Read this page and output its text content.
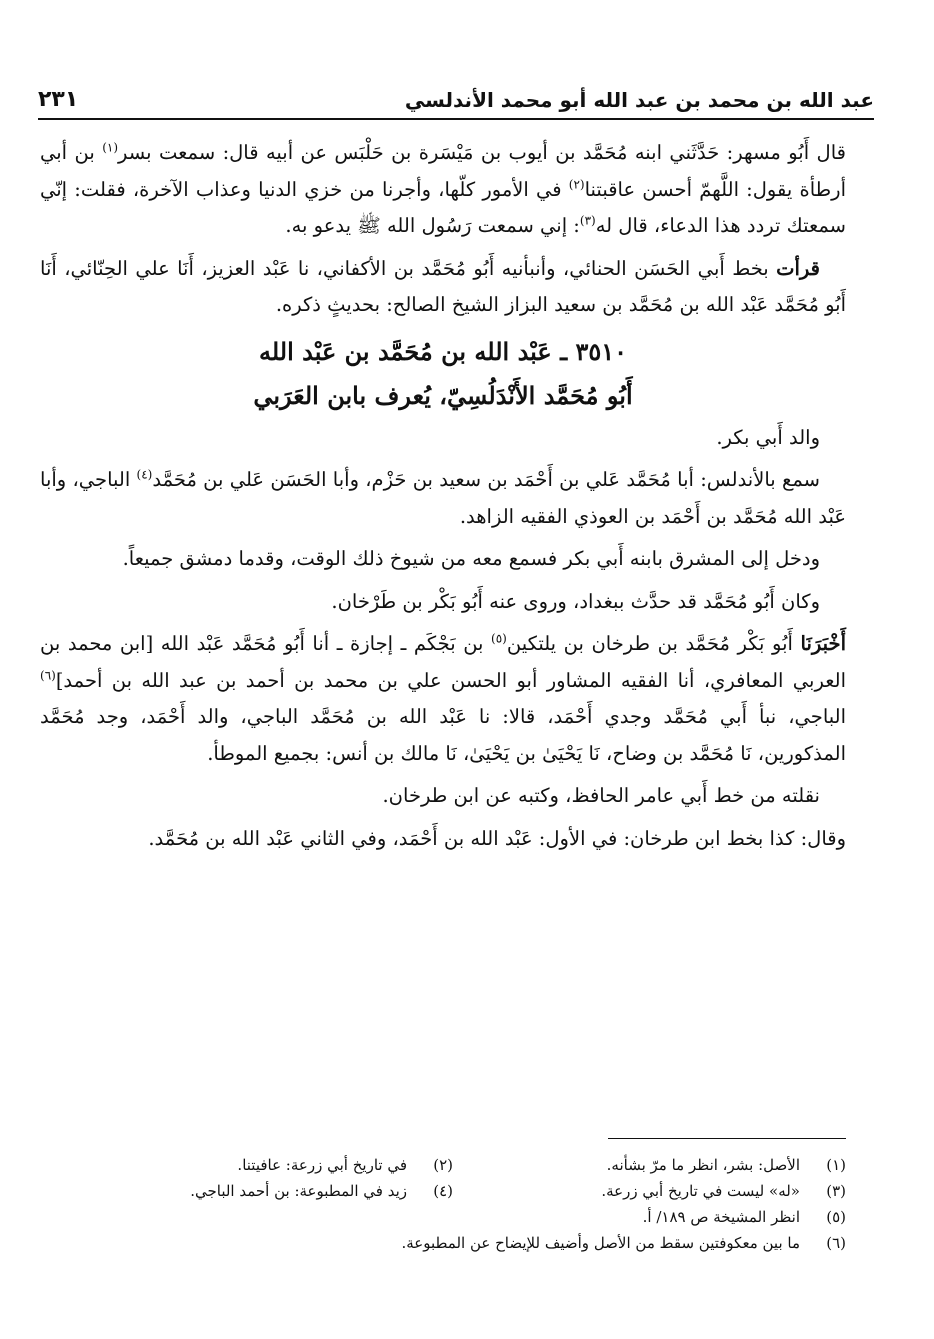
عبد الله بن محمد بن عبد الله أبو محمد الأندلسي
٢٣١

قال أَبُو مسهر: حَدَّثَني ابنه مُحَمَّد بن أيوب بن مَيْسَرة بن حَلْبَس عن أبيه قال: سمعت بسر$^{(١)}$ بن أبي أرطأة يقول: اللَّهمّ أحسن عاقبتنا$^{(٢)}$ في الأمور كلّها، وأجرنا من خزي الدنيا وعذاب الآخرة، فقلت: إنّي سمعتك تردد هذا الدعاء، قال له$^{(٣)}$: إني سمعت رَسُول الله ﷺ يدعو به.

قرأت بخط أَبي الحَسَن الحنائي، وأنبأنيه أَبُو مُحَمَّد بن الأكفاني، نا عَبْد العزيز، أَنَا علي الحِنّائي، أَنَا أَبُو مُحَمَّد عَبْد الله بن مُحَمَّد بن سعيد البزاز الشيخ الصالح: بحديثٍ ذكره.

٣٥١٠ ـ عَبْد الله بن مُحَمَّد بن عَبْد الله
أَبُو مُحَمَّد الأَنْدَلُسِيّ، يُعرف بابن العَرَبي

والد أَبي بكر.

سمع بالأندلس: أبا مُحَمَّد عَلي بن أَحْمَد بن سعيد بن حَزْم، وأبا الحَسَن عَلي بن مُحَمَّد$^{(٤)}$ الباجي، وأبا عَبْد الله مُحَمَّد بن أَحْمَد بن العوذي الفقيه الزاهد.

ودخل إلى المشرق بابنه أَبي بكر فسمع معه من شيوخ ذلك الوقت، وقدما دمشق جميعاً.

وكان أَبُو مُحَمَّد قد حدَّث ببغداد، وروى عنه أَبُو بَكْر بن طَرْخان.

أَخْبَرَنَا أَبُو بَكْر مُحَمَّد بن طرخان بن يلتكين$^{(٥)}$ بن بَجْكَم ـ إجازة ـ أنا أَبُو مُحَمَّد عَبْد الله [ابن محمد بن العربي المعافري، أنا الفقيه المشاور أبو الحسن علي بن محمد بن أحمد بن عبد الله بن أحمد]$^{(٦)}$ الباجي، نبأ أَبي مُحَمَّد وجدي أَحْمَد، قالا: نا عَبْد الله بن مُحَمَّد الباجي، والد أَحْمَد، وجد مُحَمَّد المذكورين، نَا مُحَمَّد بن وضاح، نَا يَحْيَىٰ بن يَحْيَىٰ، نَا مالك بن أنس: بجميع الموطأ.

نقلته من خط أَبي عامر الحافظ، وكتبه عن ابن طرخان.

وقال: كذا بخط ابن طرخان: في الأول: عَبْد الله بن أَحْمَد، وفي الثاني عَبْد الله بن مُحَمَّد.

(١)
الأصل: بشر، انظر ما مرّ بشأنه.
(٢)
في تاريخ أبي زرعة: عافيتنا.
(٣)
«له» ليست في تاريخ أبي زرعة.
(٤)
زيد في المطبوعة: بن أحمد الباجي.
(٥)
انظر المشيخة ص ١٨٩/ أ.
(٦)
ما بين معكوفتين سقط من الأصل وأضيف للإيضاح عن المطبوعة.
